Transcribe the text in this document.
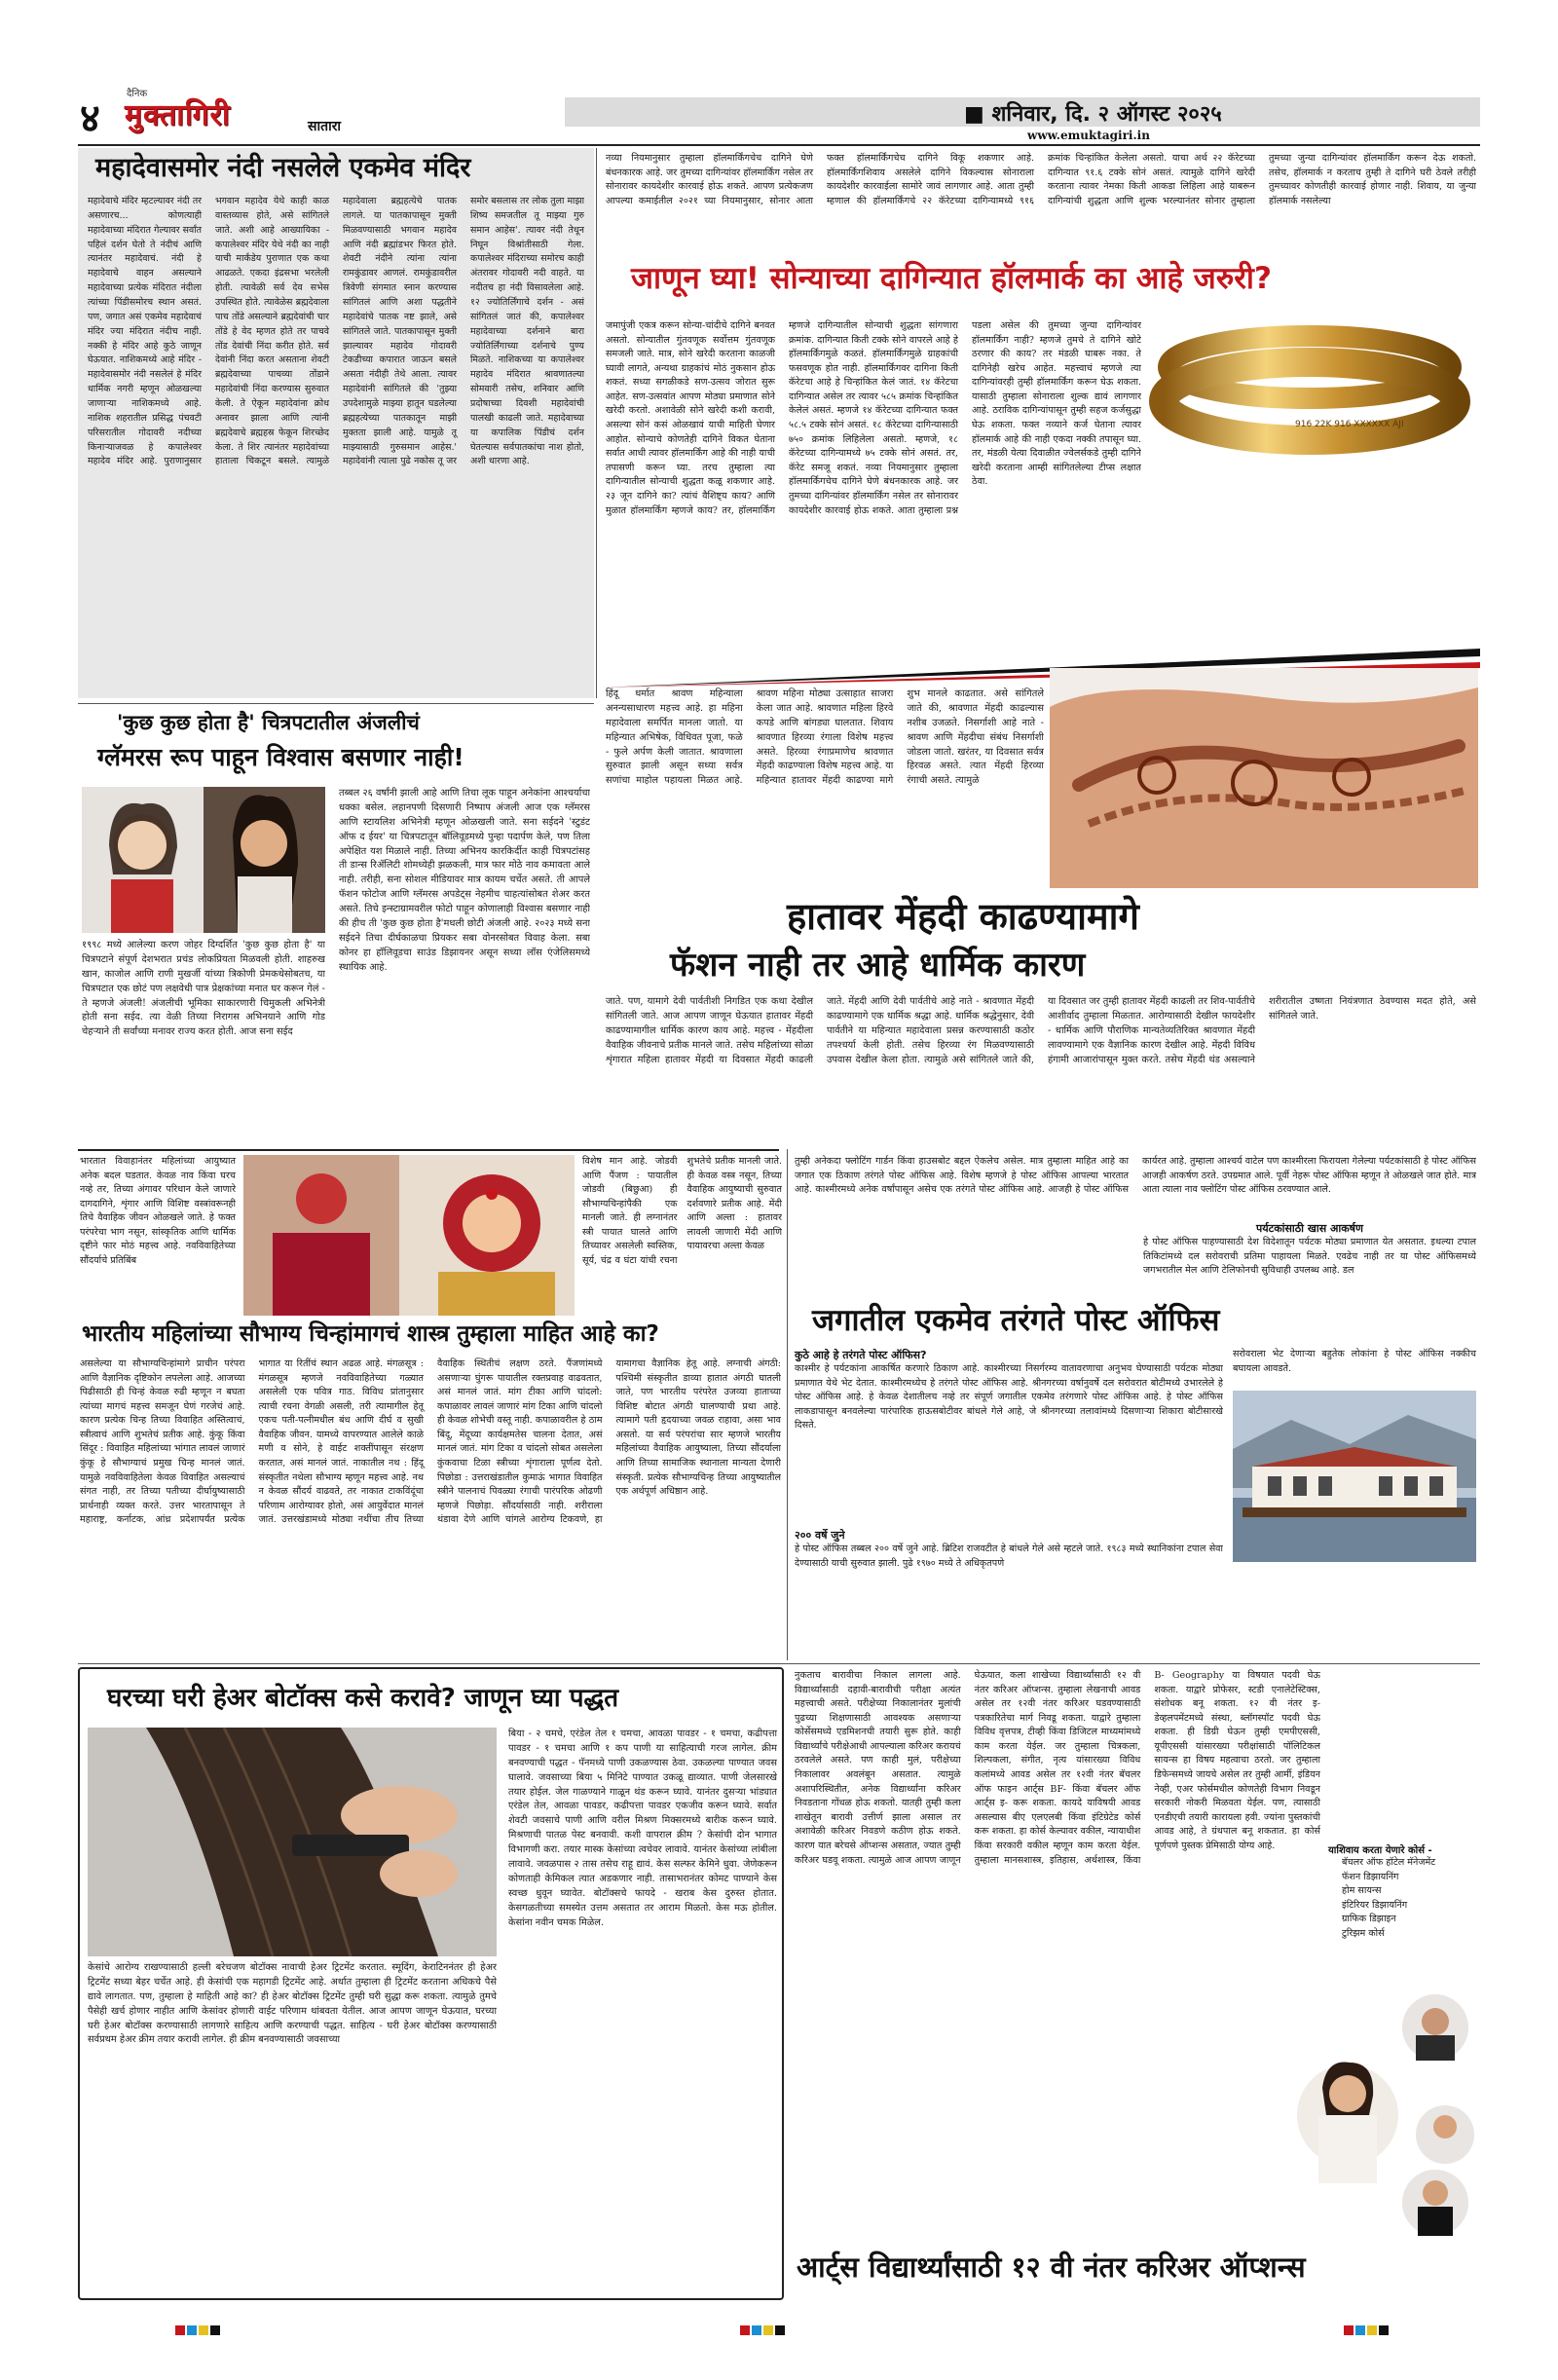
४
दैनिक
मुक्तागिरी	सातारा	■ शनिवार, दि. २ ऑगस्ट २०२५
www.emuktagiri.in
महादेवासमोर नंदी नसलेले एकमेव मंदिर
महादेवाचे मंदिर म्हटल्यावर नंदी तर असणारच... कोणत्याही महादेवाच्या मंदिरात गेल्यावर सर्वांत पहिलं दर्शन घेतो ते नंदीचं आणि त्यानंतर महादेवाचं. नंदी हे महादेवाचे वाहन असल्याने महादेवाच्या प्रत्येक मंदिरात नंदीला त्यांच्या पिंडीसमोरच स्थान असतं. पण, जगात असं एकमेव महादेवाचं मंदिर ज्या मंदिरात नंदीच नाही. नक्की हे मंदिर आहे कुठे जाणून घेऊयात. नाशिकमध्ये आहे मंदिर - महादेवासमोर नंदी नसलेलं हे मंदिर धार्मिक नगरी म्हणून ओळखल्या जाणाऱ्या नाशिकमध्ये आहे. नाशिक शहरातील प्रसिद्ध पंचवटी परिसरातील गोदावरी नदीच्या किनाऱ्याजवळ हे कपालेश्वर महादेव मंदिर आहे. पुराणानुसार भगवान महादेव येथे काही काळ वास्तव्यास होते, असे सांगितले जाते. अशी आहे आख्यायिका - कपालेश्वर मंदिर येथे नंदी का नाही याची मार्कंडेय पुराणात एक कथा आढळते. एकदा इंद्रसभा भरलेली होती. त्यावेळी सर्व देव सभेस उपस्थित होते. त्यावेळेस ब्रह्मदेवाला पाच तोंडे असल्याने ब्रह्मदेवांची चार तोंडे हे वेद म्हणत होते तर पाचवे तोंड देवांची निंदा करीत होते. सर्व देवांनी निंदा करत असताना शेवटी ब्रह्मदेवाच्या पाचव्या तोंडाने महादेवांची निंदा करण्यास सुरुवात केली. ते ऐकून महादेवांना क्रोध अनावर झाला आणि त्यांनी ब्रह्मदेवाचे ब्रह्महस्र फेकून शिरच्छेद केला. ते शिर त्यानंतर महादेवांच्या हाताला चिकटून बसले. त्यामुळे महादेवाला ब्रह्महत्येचे पातक लागले. या पातकापासून मुक्ती मिळवण्यासाठी भगवान महादेव आणि नंदी ब्रह्मांडभर फिरत होते. शेवटी नंदीने त्यांना त्यांना रामकुंडावर आणलं. रामकुंडावरील त्रिवेणी संगमात स्नान करण्यास सांगितलं आणि अशा पद्धतीने महादेवांचे पातक नष्ट झाले, असे सांगितले जाते. पातकापासून मुक्ती झाल्यावर महादेव गोदावरी टेकडीच्या कपारात जाऊन बसले असता नंदीही तेथे आला. त्यावर महादेवांनी सांगितले की 'तुझ्या उपदेशामुळे माझ्या हातून घडलेल्या ब्रह्महत्येच्या पातकातून माझी मुक्तता झाली आहे. यामुळे तू माझ्यासाठी गुरुसमान आहेस.' महादेवांनी त्याला पुढे नकोस तू जर समोर बसलास तर लोक तुला माझा शिष्य समजतील तू माझ्या गुरु समान आहेस'. त्यावर नंदी तेथून निघून विश्रांतीसाठी गेला. कपालेश्वर मंदिराच्या समोरच काही अंतरावर गोदावरी नदी वाहते. या नदीतच हा नंदी विसावलेला आहे. १२ ज्योतिर्लिंगाचे दर्शन - असं सांगितलं जातं की, कपालेश्वर महादेवाच्या दर्शनाने बारा ज्योतिर्लिंगाच्या दर्शनाचे पुण्य मिळते. नाशिकच्या या कपालेश्वर महादेव मंदिरात श्रावणातल्या सोमवारी तसेच, शनिवार आणि प्रदोषाच्या दिवशी महादेवांची पालखी काढली जाते. महादेवाच्या या कपालिक पिंडीचं दर्शन घेतल्यास सर्वपातकांचा नाश होतो, अशी धारणा आहे.
नव्या नियमानुसार तुम्हाला हॉलमार्किंगचेच दागिने घेणे बंधनकारक आहे. जर तुमच्या दागिन्यांवर हॉलमार्किंग नसेल तर सोनारावर कायदेशीर कारवाई होऊ शकते. आपण प्रत्येकजण आपल्या कमाईतील २०२१ च्या नियमानुसार, सोनार आता फक्त हॉलमार्किंगचेच दागिने विकू शकणार आहे. हॉलमार्किंगशिवाय असलेले दागिने विकल्यास सोनाराला कायदेशीर कारवाईला सामोरे जावं लागणार आहे. आता तुम्ही म्हणाल की हॉलमार्किंगचे २२ कॅरेटच्या दागिन्यामध्ये ९१६ क्रमांक चिन्हांकित केलेला असतो. याचा अर्थ २२ कॅरेटच्या दागिन्यात ९१.६ टक्के सोनं असतं. त्यामुळे दागिने खरेदी करताना त्यावर नेमका किती आकडा लिहिला आहे याबरून दागिन्यांची शुद्धता आणि शुल्क भरल्यानंतर सोनार तुम्हाला तुमच्या जुन्या दागिन्यांवर हॉलमार्किंग करून देऊ शकतो. तसेच, हॉलमार्क न करताच तुम्ही ते दागिने घरी ठेवले तरीही तुमच्यावर कोणतीही कारवाई होणार नाही. शिवाय, या जुन्या हॉलमार्क नसलेल्या
जाणून घ्या! सोन्याच्या दागिन्यात हॉलमार्क का आहे जरुरी?
जमापुंजी एकत्र करून सोन्या-चांदीचे दागिने बनवत असतो. सोन्यातील गुंतवणूक सर्वोत्तम गुंतवणूक समजली जाते. मात्र, सोने खरेदी करताना काळजी घ्यावी लागते, अन्यथा ग्राहकांचं मोठं नुकसान होऊ शकतं. सध्या सगळीकडे सण-उत्सव जोरात सुरू आहेत. सण-उत्सवांत आपण मोठ्या प्रमाणात सोने खरेदी करतो. अशावेळी सोने खरेदी कशी करावी, असल्या सोनं कसं ओळखावं याची माहिती घेणार आहोत. सोन्याचे कोणतेही दागिने विकत घेताना सर्वात आधी त्यावर हॉलमार्किंग आहे की नाही याची तपासणी करून घ्या. तरच तुम्हाला त्या दागिन्यातील सोन्याची शुद्धता कळू शकणार आहे. २३ जून दागिने का? त्यांचं वैशिष्ट्य काय? आणि मुळात हॉलमार्किंग म्हणजे काय? तर, हॉलमार्किंग म्हणजे दागिन्यातील सोन्याची शुद्धता सांगणारा क्रमांक. दागिन्यात किती टक्के सोने वापरले आहे हे हॉलमार्किंगमुळे कळतं. हॉलमार्किंगमुळे ग्राहकांची फसवणूक होत नाही. हॉलमार्किंगवर दागिना किती कॅरेटचा आहे हे चिन्हांकित केलं जातं. १४ कॅरेटचा दागिन्यात असेल तर त्यावर ५८५ क्रमांक चिन्हांकित केलेलं असतं. म्हणजे १४ कॅरेटच्या दागिन्यात फक्त ५८.५ टक्के सोनं असतं. १८ कॅरेटच्या दागिन्यासाठी ७५० क्रमांक लिहिलेला असतो. म्हणजे, १८ कॅरेटच्या दागिन्यामध्ये ७५ टक्के सोनं असतं. तर, कॅरेट समजू शकतं. नव्या नियमानुसार तुम्हाला हॉलमार्किंगचेच दागिने घेणे बंधनकारक आहे. जर तुमच्या दागिन्यांवर हॉलमार्किंग नसेल तर सोनारावर कायदेशीर कारवाई होऊ शकते. आता तुम्हाला प्रश्न पडला असेल की तुमच्या जुन्या दागिन्यांवर हॉलमार्किंग नाही? म्हणजे तुमचे ते दागिने खोटे ठरणार की काय? तर मंडळी घाबरू नका. ते दागिनेही खरेच आहेत. महत्त्वाचं म्हणजे त्या दागिन्यांवरही तुम्ही हॉलमार्किंग करून घेऊ शकता. यासाठी तुम्हाला सोनाराला शुल्क द्यावं लागणार आहे. ठराविक दागिन्यांपासून तुम्ही सहज कर्जसुद्धा घेऊ शकता. फक्त नव्याने कर्ज घेताना त्यावर हॉलमार्क आहे की नाही एकदा नक्की तपासून घ्या. तर, मंडळी येत्या दिवाळीत ज्वेलर्सकडे तुम्ही दागिने खरेदी करताना आम्ही सांगितलेल्या टीप्स लक्षात ठेवा.
916 22K 916 XXXXXX AJI
'कुछ कुछ होता है' चित्रपटातील अंजलीचं
ग्लॅमरस रूप पाहून विश्वास बसणार नाही!
१९९८ मध्ये आलेल्या करण जोहर दिग्दर्शित 'कुछ कुछ होता है' या चित्रपटाने संपूर्ण देशभरात प्रचंड लोकप्रियता मिळवली होती. शाहरुख खान, काजोल आणि राणी मुखर्जी यांच्या त्रिकोणी प्रेमकथेसोबतच, या चित्रपटात एक छोटं पण लक्षवेधी पात्र प्रेक्षकांच्या मनात घर करून गेलं - ते म्हणजे अंजली! अंजलीची भूमिका साकारणारी चिमुकली अभिनेत्री होती सना सईद. त्या वेळी तिच्या निरागस अभिनयाने आणि गोड चेहऱ्याने ती सर्वांच्या मनावर राज्य करत होती. आज सना सईद
तब्बल २६ वर्षांनी झाली आहे आणि तिचा लूक पाहून अनेकांना आश्चर्याचा धक्का बसेल. लहानपणी दिसणारी निष्पाप अंजली आज एक ग्लॅमरस आणि स्टायलिश अभिनेत्री म्हणून ओळखली जाते. सना सईदने 'स्टुडंट ऑफ द ईयर' या चित्रपटातून बॉलिवूडमध्ये पुन्हा पदार्पण केले, पण तिला अपेक्षित यश मिळाले नाही. तिच्या अभिनय कारकिर्दीत काही चित्रपटांसह ती डान्स रिॲलिटी शोमध्येही झळकली, मात्र फार मोठे नाव कमावता आले नाही. तरीही, सना सोशल मीडियावर मात्र कायम चर्चेत असते. ती आपले फॅशन फोटोज आणि ग्लॅमरस अपडेट्स नेहमीच चाहत्यांसोबत शेअर करत असते. तिचे इन्स्टाग्रामवरील फोटो पाहून कोणालाही विश्वास बसणार नाही की हीच ती 'कुछ कुछ होता है'मधली छोटी अंजली आहे. २०२३ मध्ये सना सईदने तिचा दीर्घकाळचा प्रियकर सबा वोनरसोबत विवाह केला. सबा कोनर हा हॉलिवूडचा साउंड डिझायनर असून सध्या लॉस एंजेलिसमध्ये स्थायिक आहे.
हिंदू धर्मात श्रावण महिन्याला अनन्यसाधारण महत्त्व आहे. हा महिना महादेवाला समर्पित मानला जातो. या महिन्यात अभिषेक, विधिवत पूजा, फळे - फुले अर्पण केली जातात. श्रावणाला सुरुवात झाली असून सध्या सर्वत्र सणांचा माहोल पहायला मिळत आहे. श्रावण महिना मोठ्या उत्साहात साजरा केला जात आहे. श्रावणात महिला हिरवे कपडे आणि बांगड्या घालतात. शिवाय श्रावणात हिरव्या रंगाला विशेष महत्त्व असते. हिरव्या रंगाप्रमाणेच श्रावणात मेंहदी काढण्याला विशेष महत्त्व आहे. या महिन्यात हातावर मेंहदी काढण्या मागे शुभ मानले काढतात. असे सांगितले जाते की, श्रावणात मेंहदी काढल्यास नशीब उजळते. निसर्गाशी आहे नाते - श्रावण आणि मेंहदीचा संबंध निसर्गाशी जोडला जातो. खरंतर, या दिवसात सर्वत्र हिरवळ असते. त्यात मेंहदी हिरव्या रंगाची असते. त्यामुळे
हातावर मेंहदी काढण्यामागे
फॅशन नाही तर आहे धार्मिक कारण
जाते. पण, यामागे देवी पार्वतीशी निगडित एक कथा देखील सांगितली जाते. आज आपण जाणून घेऊयात हातावर मेंहदी काढण्यामागील धार्मिक कारण काय आहे. महत्त्व - मेंहदीला वैवाहिक जीवनाचे प्रतीक मानले जाते. तसेच महिलांच्या सोळा शृंगारात महिला हातावर मेंहदी या दिवसात मेंहदी काढली जाते. मेंहदी आणि देवी पार्वतीचे आहे नाते - श्रावणात मेंहदी काढण्यामागे एक धार्मिक श्रद्धा आहे. धार्मिक श्रद्धेनुसार, देवी पार्वतीने या महिन्यात महादेवाला प्रसन्न करण्यासाठी कठोर तपश्चर्या केली होती. तसेच हिरव्या रंग मिळवण्यासाठी उपवास देखील केला होता. त्यामुळे असे सांगितले जाते की, या दिवसात जर तुम्ही हातावर मेंहदी काढली तर शिव-पार्वतीचे आशीर्वाद तुम्हाला मिळतात. आरोग्यासाठी देखील फायदेशीर - धार्मिक आणि पौराणिक मान्यतेव्यतिरिक्त श्रावणात मेंहदी लावण्यामागे एक वैज्ञानिक कारण देखील आहे. मेंहदी विविध हंगामी आजारांपासून मुक्त करते. तसेच मेंहदी थंड असल्याने शरीरातील उष्णता नियंत्रणात ठेवण्यास मदत होते, असे सांगितले जाते.
भारतात विवाहानंतर महिलांच्या आयुष्यात अनेक बदल घडतात. केवळ नाव किंवा घरच नव्हे तर, तिच्या अंगावर परिधान केले जाणारे दागदागिने, शृंगार आणि विशिष्ट वस्त्रांवरूनही तिचे वैवाहिक जीवन ओळखले जाते. हे फक्त परंपरेचा भाग नसून, सांस्कृतिक आणि धार्मिक दृष्टीने फार मोठं महत्त्व आहे. नवविवाहितेच्या सौंदर्याचे प्रतिबिंब
विशेष मान आहे. जोडवी आणि पैंजण : पायातील जोडवी (बिछुआ) ही सौभाग्यचिन्हांपैकी एक मानली जाते. ही लग्नानंतर स्त्री पायात घालते आणि तिच्यावर असलेली स्वस्तिक, सूर्य, चंद्र व घंटा यांची रचना शुभतेचे प्रतीक मानली जाते. ही केवळ वस्त्र नसून, तिच्या वैवाहिक आयुष्याची सुरुवात दर्शवणारे प्रतीक आहे. मेंदी आणि अल्ता : हातावर लावली जाणारी मेंदी आणि पायावरचा अल्ता केवळ
भारतीय महिलांच्या सौभाग्य चिन्हांमागचं शास्त्र तुम्हाला माहित आहे का?
असलेल्या या सौभाग्यचिन्हांमागे प्राचीन परंपरा आणि वैज्ञानिक दृष्टिकोन लपलेला आहे. आजच्या पिढीसाठी ही चिन्हं केवळ रुढी म्हणून न बघता त्यांच्या मागचं महत्त्व समजून घेणं गरजेचं आहे. कारण प्रत्येक चिन्ह तिच्या विवाहित अस्तित्वाचं, स्त्रीत्वाचं आणि शुभतेचं प्रतीक आहे. कुंकू किंवा सिंदूर : विवाहित महिलांच्या भांगात लावलं जाणारं कुंकू हे सौभाग्याचं प्रमुख चिन्ह मानलं जातं. यामुळे नवविवाहितेला केवळ विवाहित असल्याचं संगत नाही, तर तिच्या पतीच्या दीर्घायुष्यासाठी प्रार्थनाही व्यक्त करते. उत्तर भारतापासून ते महाराष्ट्र, कर्नाटक, आंध्र प्रदेशापर्यंत प्रत्येक भागात या रितींचं स्थान अढळ आहे. मंगळसूत्र : मंगळसूत्र म्हणजे नवविवाहितेच्या गळ्यात असलेली एक पवित्र गाठ. विविध प्रांतानुसार त्याची रचना वेगळी असली, तरी त्यामागील हेतू एकच पती-पत्नीमधील बंध आणि दीर्घ व सुखी वैवाहिक जीवन. यामध्ये वापरण्यात आलेले काळे मणी व सोने, हे वाईट शक्तींपासून संरक्षण करतात, असं मानलं जातं. नाकातील नथ : हिंदू संस्कृतीत नथेला सौभाग्य म्हणून महत्त्व आहे. नथ न केवळ सौंदर्य वाढवते, तर नाकात टाकविंदूंचा परिणाम आरोग्यावर होतो, असं आयुर्वेदात मानलं जातं. उत्तरखंडामध्ये मोठ्या नथींचा तीच तिच्या वैवाहिक स्थितीचं लक्षण ठरते. पैंजणांमध्ये असणाऱ्या घुंगरू पायातील रक्तप्रवाह वाढवतात, असं मानलं जातं. मांग टीका आणि चांदलो: कपाळावर लावलं जाणारं मांग टिका आणि चांदलो ही केवळ शोभेची वस्तू नाही. कपाळावरील हे ठाम बिंदू, मेंदूच्या कार्यक्षमतेस चालना देतात, असं मानलं जातं. मांग टिका व चांदलो सोबत असलेला कुंकवाचा टिळा स्त्रीच्या शृंगाराला पूर्णत्व देतो. पिछोडा : उत्तराखंडातील कुमाऊं भागात विवाहित स्त्रीने पालनाचं पिवळ्या रंगाची पारंपरिक ओढणी म्हणजे पिछोड़ा. सौंदर्यासाठी नाही. शरीराला थंडावा देणे आणि चांगले आरोग्य टिकवणे, हा यामागचा वैज्ञानिक हेतू आहे. लग्नाची अंगठी: पश्चिमी संस्कृतीत डाव्या हातात अंगठी घातली जाते, पण भारतीय परंपरेत उजव्या हाताच्या विशिष्ट बोटात अंगठी घालण्याची प्रथा आहे. त्यामागे पती हृदयाच्या जवळ राहावा, असा भाव असतो. या सर्व परंपरांचा सार म्हणजे भारतीय महिलांच्या वैवाहिक आयुष्याला, तिच्या सौंदर्याला आणि तिच्या सामाजिक स्थानाला मान्यता देणारी संस्कृती. प्रत्येक सौभाग्यचिन्ह तिच्या आयुष्यातील एक अर्थपूर्ण अधिष्ठान आहे.
तुम्ही अनेकदा फ्लोटिंग गार्डन किंवा हाउसबोट बद्दल ऐकलेच असेल. मात्र तुम्हाला माहित आहे का जगात एक ठिकाण तरंगते पोस्ट ऑफिस आहे. विशेष म्हणजे हे पोस्ट ऑफिस आपल्या भारतात आहे. काश्मीरमध्ये अनेक वर्षांपासून असेच एक तरंगते पोस्ट ऑफिस आहे. आजही हे पोस्ट ऑफिस कार्यरत आहे. तुम्हाला आश्चर्य वाटेल पण काश्मीरला फिरायला गेलेल्या पर्यटकांसाठी हे पोस्ट ऑफिस आजही आकर्षण ठरते. उपग्रमात आले. पूर्वी नेहरू पोस्ट ऑफिस म्हणून ते ओळखले जात होते. मात्र आता त्याला नाव फ्लोटिंग पोस्ट ऑफिस ठरवण्यात आले.
पर्यटकांसाठी खास आकर्षण
हे पोस्ट ऑफिस पाहण्यासाठी देश विदेशातून पर्यटक मोठ्या प्रमाणात येत असतात. इथल्या टपाल तिकिटांमध्ये दल सरोवराची प्रतिमा पाहायला मिळते. एवढेच नाही तर या पोस्ट ऑफिसमध्ये जगभरातील मेल आणि टेलिफोनची सुविधाही उपलब्ध आहे. डल
जगातील एकमेव तरंगते पोस्ट ऑफिस
कुठे आहे हे तरंगते पोस्ट ऑफिस?
काश्मीर हे पर्यटकांना आकर्षित करणारे ठिकाण आहे. काश्मीरच्या निसर्गरम्य वातावरणाचा अनुभव घेण्यासाठी पर्यटक मोठ्या प्रमाणात येथे भेट देतात. काश्मीरमध्येच हे तरंगते पोस्ट ऑफिस आहे. श्रीनगरच्या वर्षानुवर्षे दल सरोवरात बोटीमध्ये उभारलेले हे पोस्ट ऑफिस आहे. हे केवळ देशातीलच नव्हे तर संपूर्ण जगातील एकमेव तरंगणारे पोस्ट ऑफिस आहे. हे पोस्ट ऑफिस लाकडापासून बनवलेल्या पारंपारिक हाऊसबोटीवर बांधले गेले आहे, जे श्रीनगरच्या तलावांमध्ये दिसणाऱ्या शिकारा बोटीसारखे दिसते.
२०० वर्षे जुने
हे पोस्ट ऑफिस तब्बल २०० वर्षे जुने आहे. ब्रिटिश राजवटीत हे बांधले गेले असे म्हटले जाते. १९८३ मध्ये स्थानिकांना टपाल सेवा देण्यासाठी याची सुरुवात झाली. पुढे १९७० मध्ये ते अधिकृतपणे
सरोवराला भेट देणाऱ्या बहुतेक लोकांना हे पोस्ट ऑफिस नक्कीच बघायला आवडते.
घरच्या घरी हेअर बोटॉक्स कसे करावे? जाणून घ्या पद्धत
केसांचे आरोग्य राखण्यासाठी हल्ली बरेचजण बोटॉक्स नावाची हेअर ट्रिटमेंट करतात. स्मूदिंग, केराटिननंतर ही हेअर ट्रिटमेंट सध्या बेहर चर्चेत आहे. ही केसांची एक महागडी ट्रिटमेंट आहे. अर्थात तुम्हाला ही ट्रिटमेंट करताना अधिकचे पैसे द्यावे लागतात. पण, तुम्हाला हे माहिती आहे का? ही हेअर बोटॉक्स ट्रिटमेंट तुम्ही घरी सुद्धा करू शकता. त्यामुळे तुमचे पैसेही खर्च होणार नाहीत आणि केसांवर होणारी वाईट परिणाम थांबवता येतील. आज आपण जाणून घेऊयात, घरच्या घरी हेअर बोटॉक्स करण्यासाठी लागणारे साहित्य आणि करण्याची पद्धत. साहित्य - घरी हेअर बोटॉक्स करण्यासाठी सर्वप्रथम हेअर क्रीम तयार करावी लागेल. ही क्रीम बनवण्यासाठी जवसाच्या
बिया - २ चमचे, एरंडेल तेल १ चमचा, आवळा पावडर - १ चमचा, कढीपत्ता पावडर - १ चमचा आणि १ कप पाणी या साहित्याची गरज लागेल. क्रीम बनवण्याची पद्धत - पॅनमध्ये पाणी उकळण्यास ठेवा. उकळल्या पाण्यात जवस घालावे. जवसाच्या बिया ५ मिनिटे पाण्यात उकळू द्याव्यात. पाणी जेलसारखे तयार होईल. जेल गाळण्याने गाळून थंड करून घ्यावे. यानंतर दुसऱ्या भांड्यात एरंडेल तेल, आवळा पावडर, कढीपत्ता पावडर एकजीव करून घ्यावे. सर्वात शेवटी जवसाचे पाणी आणि वरील मिश्रण मिक्सरमध्ये बारीक करून घ्यावे. मिश्रणाची पातळ पेस्ट बनवावी. कशी वापराल क्रीम ? केसांची दोन भागात विभागणी करा. तयार मास्क केसांच्या त्वचेवर लावावे. यानंतर केसांच्या लांबीला लावावे. जवळपास २ तास तसेच राहू द्यावं. केस सल्फर केमिने धुवा. जेणेकरून कोणताही केमिकल त्यात अडकणार नाही. तासाभरानंतर कोमट पाण्याने केस स्वच्छ धुवून घ्यावेत. बोटॉक्सचे फायदे - खराब केस दुरुस्त होतात. केसगळतीच्या समस्येत उत्तम असतात तर आराम मिळतो. केस मऊ होतील. केसांना नवीन चमक मिळेल.
नुकताच बारावीचा निकाल लागला आहे. विद्यार्थ्यांसाठी दहावी-बारावीची परीक्षा अत्यंत महत्त्वाची असते. परीक्षेच्या निकालानंतर मुलांची पुढच्या शिक्षणासाठी आवश्यक असणाऱ्या कोर्सेसमध्ये एडमिशनची तयारी सुरू होते. काही विद्यार्थ्यांचे परीक्षेआधी आपल्याला करिअर करायचं ठरवलेले असते. पण काही मुलं, परीक्षेच्या निकालावर अवलंबून असतात. त्यामुळे अशापरिस्थितीत, अनेक विद्यार्थ्यांना करिअर निवडताना गोंधळ होऊ शकतो. यातही तुम्ही कला शाखेतून बारावी उत्तीर्ण झाला असाल तर अशावेळी करिअर निवडणे कठीण होऊ शकते. कारण यात बरेचसे ऑप्शन्स असतात, ज्यात तुम्ही करिअर घडवू शकता. त्यामुळे आज आपण जाणून घेऊयात, कला शाखेच्या विद्यार्थ्यांसाठी १२ वी नंतर करिअर ऑप्शन्स. तुम्हाला लेखनाची आवड असेल तर १२वी नंतर करिअर घडवण्यासाठी पत्रकारितेचा मार्ग निवडू शकता. याद्वारे तुम्हाला विविध वृत्तपत्र, टीव्ही किंवा डिजिटल माध्यमांमध्ये काम करता येईल. जर तुम्हाला चित्रकला, शिल्पकला, संगीत, नृत्य यांसारख्या विविध कलांमध्ये आवड असेल तर १२वी नंतर बॅचलर ऑफ फाइन आर्ट्स BF- किंवा बॅचलर ऑफ आर्ट्स इ- करू शकता. कायदे याविषयी आवड असल्यास बीए एलएलबी किंवा इंटिग्रेटेड कोर्स करू शकता. हा कोर्स केल्यावर वकील, न्यायाधीश किंवा सरकारी वकील म्हणून काम करता येईल. तुम्हाला मानसशास्त्र, इतिहास, अर्थशास्त्र, किंवा B- Geography या विषयात पदवी घेऊ शकता. याद्वारे प्रोफेसर, स्टडी एनालेटेस्टिक्स, संशोधक बनू शकता. १२ वी नंतर इ- डेव्हलपमेंटमध्ये संस्था, ब्लॉगस्पॉट पदवी घेऊ शकता. ही डिग्री घेऊन तुम्ही एमपीएससी, यूपीएससी यांसारख्या परीक्षांसाठी पॉलिटिकल सायन्स हा विषय महत्वाचा ठरतो. जर तुम्हाला डिफेन्समध्ये जायचे असेल तर तुम्ही आर्मी, इंडियन नेव्ही, एअर फोर्समधील कोणतेही विभाग निवडून सरकारी नोकरी मिळवता येईल. पण, त्यासाठी एनडीएची तयारी कारायला हवी. ज्यांना पुस्तकांची आवड आहे, ते ग्रंथपाल बनू शकतात. हा कोर्स पूर्णपणे पुस्तक प्रेमिसाठी योग्य आहे.	याशिवाय करता येणारे कोर्स -
बॅचलर ऑफ हॉटेल मॅनेजमेंट
फॅशन डिझायनिंग
होम सायन्स
इंटिरियर डिझायनिंग
ग्राफिक डिझाइन
टुरिझम कोर्स
आर्ट्स विद्यार्थ्यांसाठी १२ वी नंतर करिअर ऑप्शन्स
